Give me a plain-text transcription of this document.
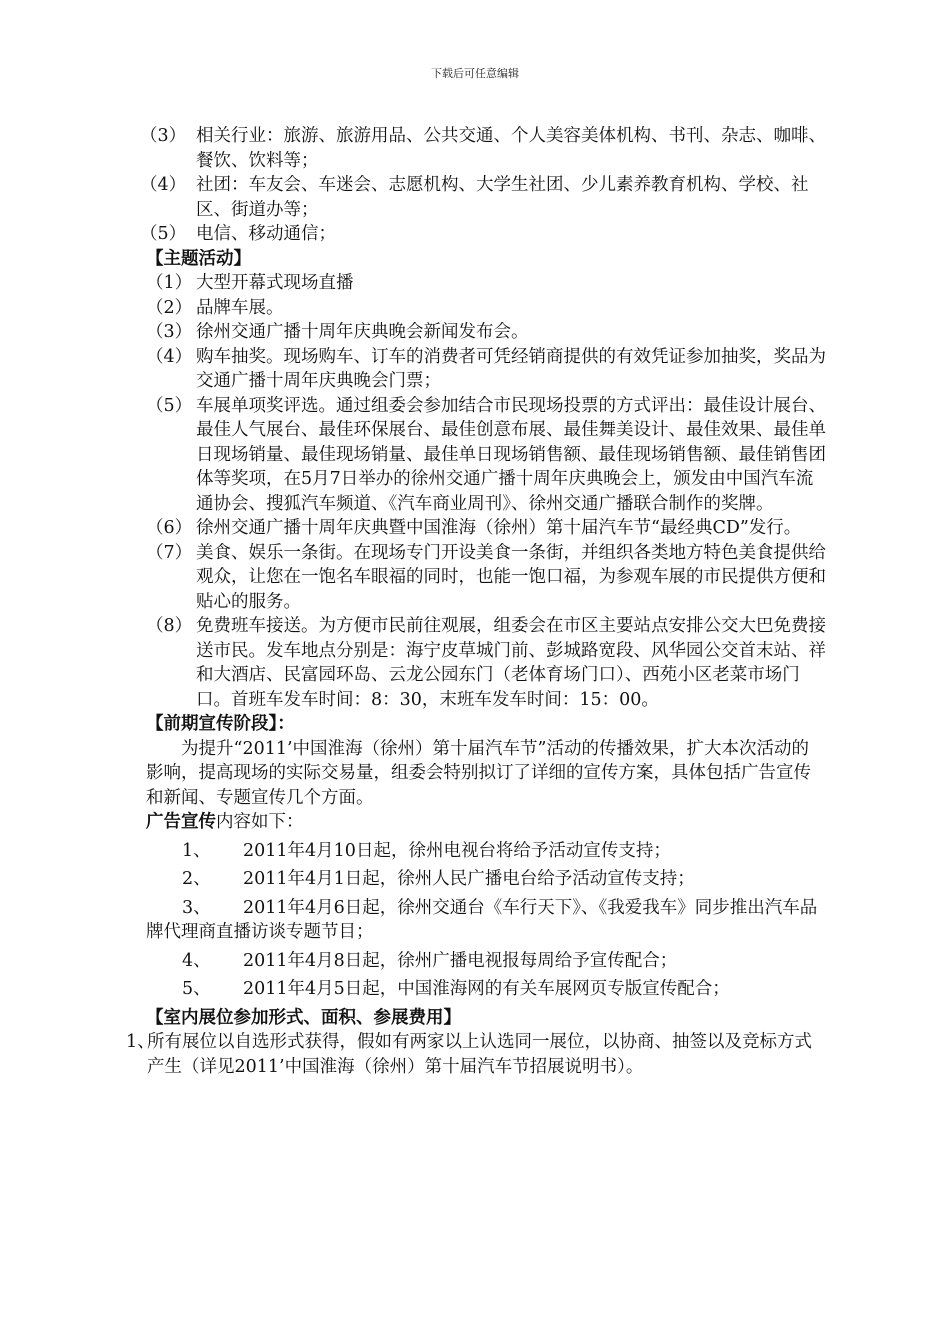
下载后可任意编辑
（3） 相关行业：旅游、旅游用品、公共交通、个人美容美体机构、书刊、杂志、咖啡、餐饮、饮料等；
（4） 社团：车友会、车迷会、志愿机构、大学生社团、少儿素养教育机构、学校、社区、街道办等；
（5） 电信、移动通信；
【主题活动】
（1） 大型开幕式现场直播
（2） 品牌车展。
（3） 徐州交通广播十周年庆典晚会新闻发布会。
（4） 购车抽奖。现场购车、订车的消费者可凭经销商提供的有效凭证参加抽奖，奖品为交通广播十周年庆典晚会门票；
（5） 车展单项奖评选。通过组委会参加结合市民现场投票的方式评出：最佳设计展台、最佳人气展台、最佳环保展台、最佳创意布展、最佳舞美设计、最佳效果、最佳单日现场销量、最佳现场销量、最佳单日现场销售额、最佳现场销售额、最佳销售团体等奖项，在5月7日举办的徐州交通广播十周年庆典晚会上，颁发由中国汽车流通协会、搜狐汽车频道、《汽车商业周刊》、徐州交通广播联合制作的奖牌。
（6） 徐州交通广播十周年庆典暨中国淮海（徐州）第十届汽车节“最经典CD”发行。
（7） 美食、娱乐一条街。在现场专门开设美食一条街，并组织各类地方特色美食提供给观众，让您在一饱名车眼福的同时，也能一饱口福，为参观车展的市民提供方便和贴心的服务。
（8） 免费班车接送。为方便市民前往观展，组委会在市区主要站点安排公交大巴免费接送市民。发车地点分别是：海宁皮草城门前、彭城路宽段、风华园公交首末站、祥和大酒店、民富园环岛、云龙公园东门（老体育场门口）、西苑小区老菜市场门口。首班车发车时间：8：30，末班车发车时间：15：00。
【前期宣传阶段】：
为提升“2011’中国淮海（徐州）第十届汽车节”活动的传播效果，扩大本次活动的影响，提高现场的实际交易量，组委会特别拟订了详细的宣传方案，具体包括广告宣传和新闻、专题宣传几个方面。
广告宣传内容如下：
1、 2011年4月10日起，徐州电视台将给予活动宣传支持；
2、 2011年4月1日起，徐州人民广播电台给予活动宣传支持；
3、 2011年4月6日起，徐州交通台《车行天下》、《我爱我车》同步推出汽车品牌代理商直播访谈专题节目；
4、 2011年4月8日起，徐州广播电视报每周给予宣传配合；
5、 2011年4月5日起，中国淮海网的有关车展网页专版宣传配合；
【室内展位参加形式、面积、参展费用】
1、
所有展位以自选形式获得，假如有两家以上认选同一展位，以协商、抽签以及竞标方式产生（详见2011’中国淮海（徐州）第十届汽车节招展说明书）。
